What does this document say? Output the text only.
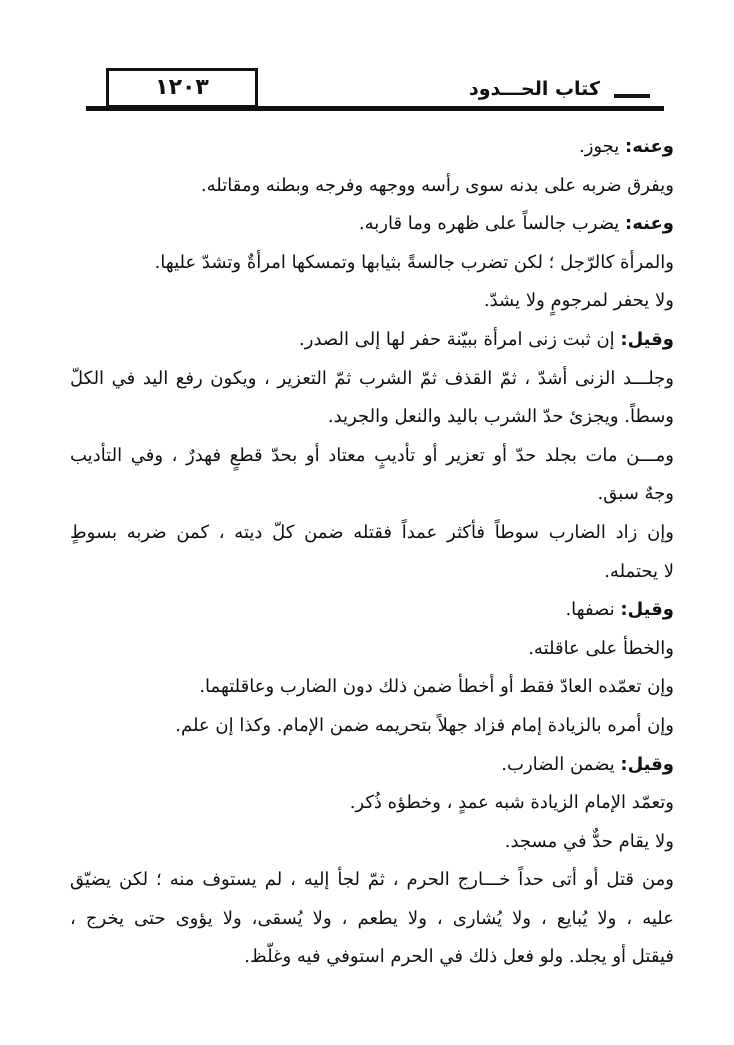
١٢٠٣	كتاب الحـــدود
وعنه: يجوز.
ويفرق ضربه على بدنه سوى رأسه ووجهه وفرجه وبطنه ومقاتله.
وعنه: يضرب جالساً على ظهره وما قاربه.
والمرأة كالرّجل ؛ لكن تضرب جالسةً بثيابها وتمسكها امرأةٌ وتشدّ عليها.
ولا يحفر لمرجومٍ ولا يشدّ.
وقيل: إن ثبت زنى امرأة ببيّنة حفر لها إلى الصدر.
وجلـــد الزنى أشدّ ، ثمّ القذف ثمّ الشرب ثمّ التعزير ، ويكون رفع اليد في الكلّ
وسطاً. ويجزئ حدّ الشرب باليد والنعل والجريد.
ومـــن مات بجلد حدّ أو تعزير أو تأديبٍ معتاد أو بحدّ قطعٍ فهدرٌ ، وفي التأديب
وجهٌ سبق.
وإن زاد الضارب سوطاً فأكثر عمداً فقتله ضمن كلّ ديته ، كمن ضربه بسوطٍ
لا يحتمله.
وقيل: نصفها.
والخطأ على عاقلته.
وإن تعمّده العادّ فقط أو أخطأ ضمن ذلك دون الضارب وعاقلتهما.
وإن أمره بالزيادة إمام فزاد جهلاً بتحريمه ضمن الإمام. وكذا إن علم.
وقيل: يضمن الضارب.
وتعمّد الإمام الزيادة شبه عمدٍ ، وخطؤه ذُكر.
ولا يقام حدٌّ في مسجد.
ومن قتل أو أتى حداً خـــارج الحرم ، ثمّ لجأ إليه ، لم يستوف منه ؛ لكن يضيّق
عليه ، ولا يُبايع ، ولا يُشارى ، ولا يطعم ، ولا يُسقى، ولا يؤوى حتى يخرج ،
فيقتل أو يجلد. ولو فعل ذلك في الحرم استوفي فيه وغلّظ.
